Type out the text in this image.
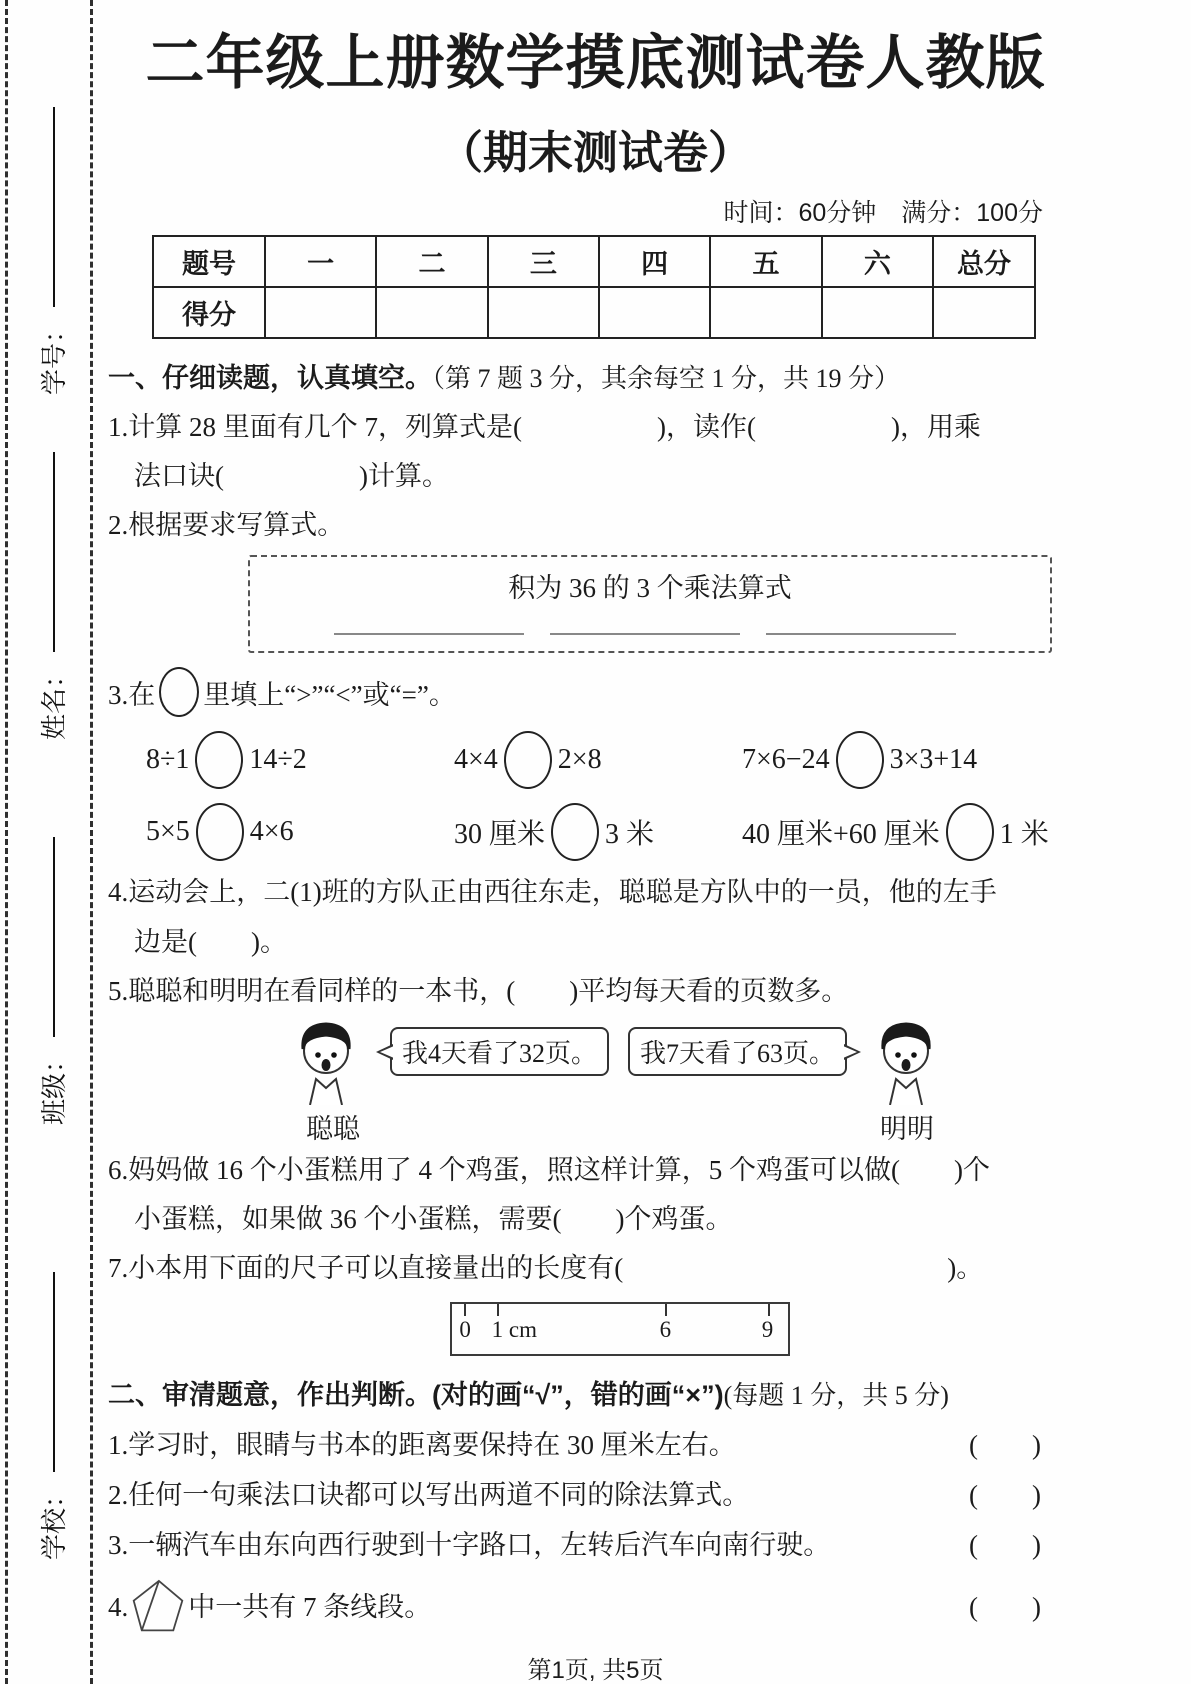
学号：
姓名：
班级：
学校：
二年级上册数学摸底测试卷人教版
（期末测试卷）
时间：60分钟　满分：100分
题号	一	二	三	四	五	六	总分
得分							
一、仔细读题，认真填空。（第 7 题 3 分，其余每空 1 分，共 19 分）

1.计算 28 里面有几个 7，列算式是(　　　　　)，读作(　　　　　)，用乘

法口诀(　　　　　)计算。

2.根据要求写算式。

积为 36 的 3 个乘法算式

3.在 里填上“>”“<”或“=”。

8÷1 14÷2	4×4 2×8	7×6−24 3×3+14
5×5 4×6	30 厘米 3 米	40 厘米+60 厘米 1 米

4.运动会上，二(1)班的方队正由西往东走，聪聪是方队中的一员，他的左手

边是(　　)。

5.聪聪和明明在看同样的一本书，(　　)平均每天看的页数多。

我4天看了32页。	我7天看了63页。
聪聪	明明

6.妈妈做 16 个小蛋糕用了 4 个鸡蛋，照这样计算，5 个鸡蛋可以做(　　)个

小蛋糕，如果做 36 个小蛋糕，需要(　　)个鸡蛋。

7.小本用下面的尺子可以直接量出的长度有(　　　　　　　　　　　　)。

0 1 cm	6	9
二、审清题意，作出判断。(对的画“√”，错的画“×”)(每题 1 分，共 5 分)
1.学习时，眼睛与书本的距离要保持在 30 厘米左右。	(　　)
2.任何一句乘法口诀都可以写出两道不同的除法算式。	(　　)
3.一辆汽车由东向西行驶到十字路口，左转后汽车向南行驶。	(　　)
4. 中一共有 7 条线段。	(　　)
第1页, 共5页
